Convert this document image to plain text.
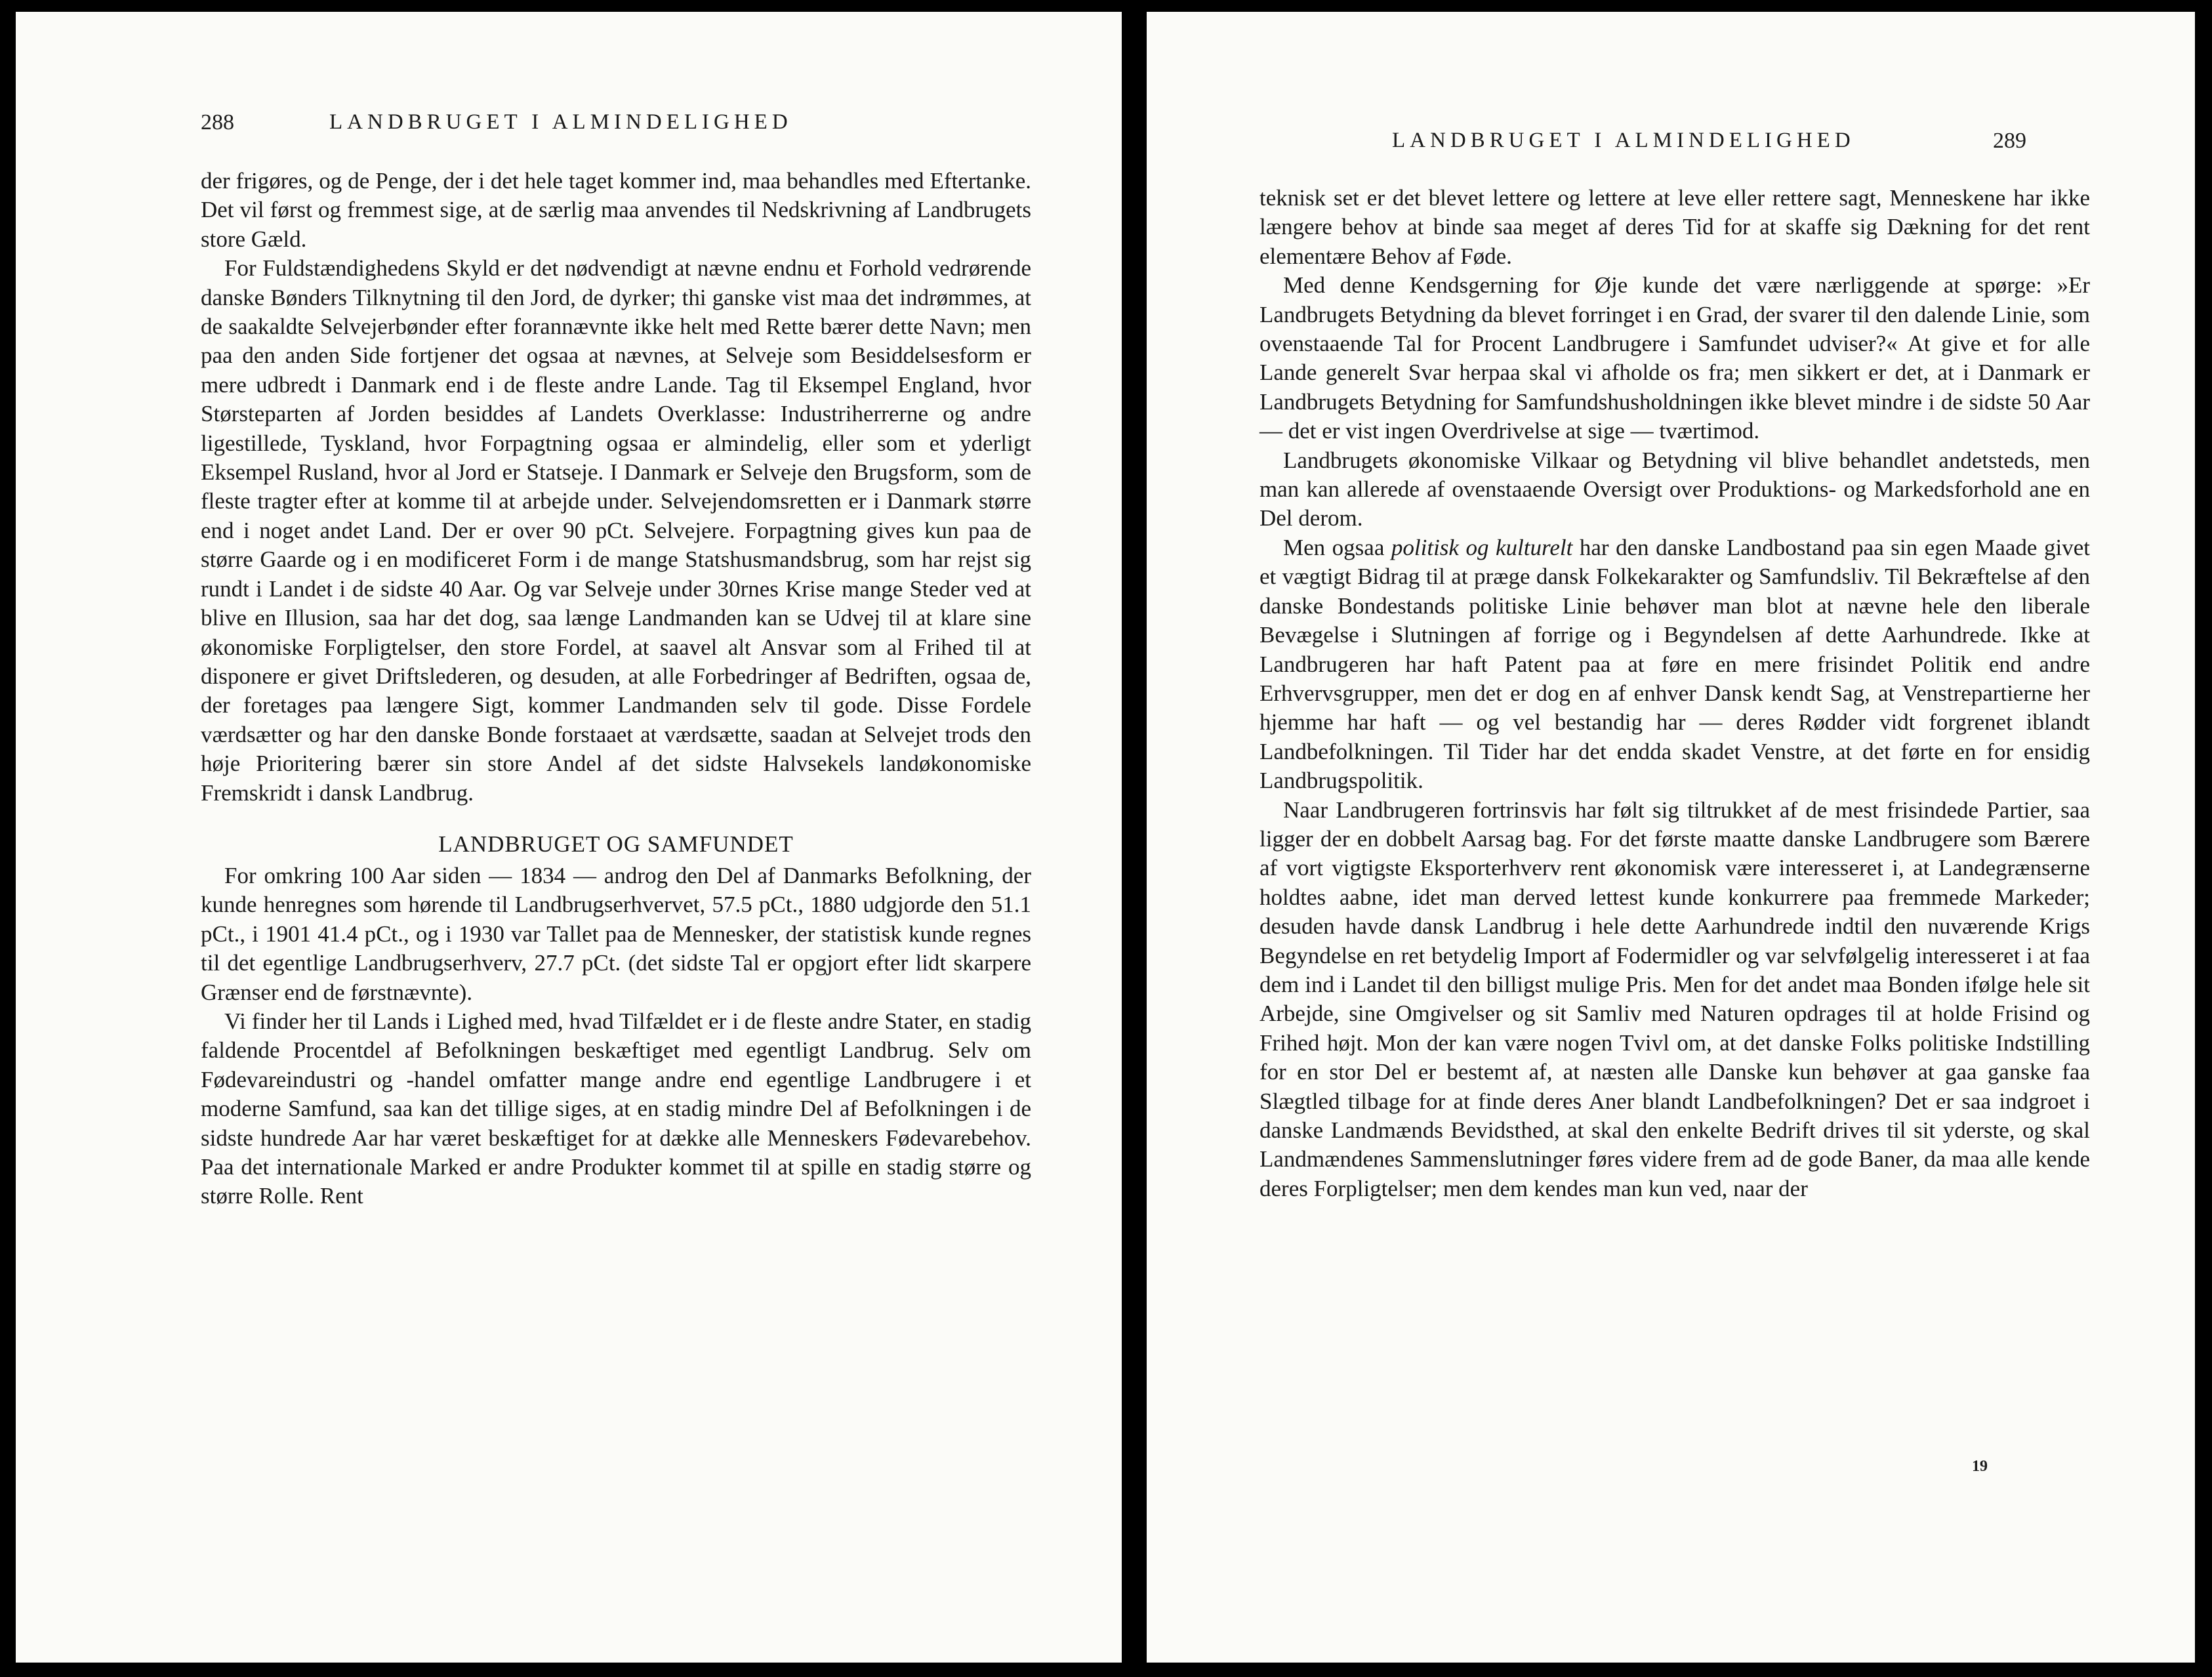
288	LANDBRUGET I ALMINDELIGHED

der frigøres, og de Penge, der i det hele taget kommer ind, maa behandles med Eftertanke. Det vil først og fremmest sige, at de særlig maa anvendes til Nedskrivning af Landbrugets store Gæld.

For Fuldstændighedens Skyld er det nødvendigt at nævne endnu et Forhold vedrørende danske Bønders Tilknytning til den Jord, de dyrker; thi ganske vist maa det indrømmes, at de saakaldte Selvejerbønder efter forannævnte ikke helt med Rette bærer dette Navn; men paa den anden Side fortjener det ogsaa at nævnes, at Selveje som Besiddelsesform er mere udbredt i Danmark end i de fleste andre Lande. Tag til Eksempel England, hvor Størsteparten af Jorden besiddes af Landets Overklasse: Industriherrerne og andre ligestillede, Tyskland, hvor Forpagtning ogsaa er almindelig, eller som et yderligt Eksempel Rusland, hvor al Jord er Statseje. I Danmark er Selveje den Brugsform, som de fleste tragter efter at komme til at arbejde under. Selvejendomsretten er i Danmark større end i noget andet Land. Der er over 90 pCt. Selvejere. Forpagtning gives kun paa de større Gaarde og i en modificeret Form i de mange Statshusmandsbrug, som har rejst sig rundt i Landet i de sidste 40 Aar. Og var Selveje under 30rnes Krise mange Steder ved at blive en Illusion, saa har det dog, saa længe Landmanden kan se Udvej til at klare sine økonomiske Forpligtelser, den store Fordel, at saavel alt Ansvar som al Frihed til at disponere er givet Driftslederen, og desuden, at alle Forbedringer af Bedriften, ogsaa de, der foretages paa længere Sigt, kommer Landmanden selv til gode. Disse Fordele værdsætter og har den danske Bonde forstaaet at værdsætte, saadan at Selvejet trods den høje Prioritering bærer sin store Andel af det sidste Halvsekels landøkonomiske Fremskridt i dansk Landbrug.

LANDBRUGET OG SAMFUNDET

For omkring 100 Aar siden — 1834 — androg den Del af Danmarks Befolkning, der kunde henregnes som hørende til Landbrugserhvervet, 57.5 pCt., 1880 udgjorde den 51.1 pCt., i 1901 41.4 pCt., og i 1930 var Tallet paa de Mennesker, der statistisk kunde regnes til det egentlige Landbrugserhverv, 27.7 pCt. (det sidste Tal er opgjort efter lidt skarpere Grænser end de førstnævnte).

Vi finder her til Lands i Lighed med, hvad Tilfældet er i de fleste andre Stater, en stadig faldende Procentdel af Befolkningen beskæftiget med egentligt Landbrug. Selv om Fødevareindustri og -handel omfatter mange andre end egentlige Landbrugere i et moderne Samfund, saa kan det tillige siges, at en stadig mindre Del af Befolkningen i de sidste hundrede Aar har været beskæftiget for at dække alle Menneskers Fødevarebehov. Paa det internationale Marked er andre Produkter kommet til at spille en stadig større og større Rolle. Rent

LANDBRUGET I ALMINDELIGHED	289

teknisk set er det blevet lettere og lettere at leve eller rettere sagt, Menneskene har ikke længere behov at binde saa meget af deres Tid for at skaffe sig Dækning for det rent elementære Behov af Føde.

Med denne Kendsgerning for Øje kunde det være nærliggende at spørge: »Er Landbrugets Betydning da blevet forringet i en Grad, der svarer til den dalende Linie, som ovenstaaende Tal for Procent Landbrugere i Samfundet udviser?« At give et for alle Lande generelt Svar herpaa skal vi afholde os fra; men sikkert er det, at i Danmark er Landbrugets Betydning for Samfundshusholdningen ikke blevet mindre i de sidste 50 Aar — det er vist ingen Overdrivelse at sige — tværtimod.

Landbrugets økonomiske Vilkaar og Betydning vil blive behandlet andetsteds, men man kan allerede af ovenstaaende Oversigt over Produktions- og Markedsforhold ane en Del derom.

Men ogsaa politisk og kulturelt har den danske Landbostand paa sin egen Maade givet et vægtigt Bidrag til at præge dansk Folkekarakter og Samfundsliv. Til Bekræftelse af den danske Bondestands politiske Linie behøver man blot at nævne hele den liberale Bevægelse i Slutningen af forrige og i Begyndelsen af dette Aarhundrede. Ikke at Landbrugeren har haft Patent paa at føre en mere frisindet Politik end andre Erhvervsgrupper, men det er dog en af enhver Dansk kendt Sag, at Venstrepartierne her hjemme har haft — og vel bestandig har — deres Rødder vidt forgrenet iblandt Landbefolkningen. Til Tider har det endda skadet Venstre, at det førte en for ensidig Landbrugspolitik.

Naar Landbrugeren fortrinsvis har følt sig tiltrukket af de mest frisindede Partier, saa ligger der en dobbelt Aarsag bag. For det første maatte danske Landbrugere som Bærere af vort vigtigste Eksporterhverv rent økonomisk være interesseret i, at Landegrænserne holdtes aabne, idet man derved lettest kunde konkurrere paa fremmede Markeder; desuden havde dansk Landbrug i hele dette Aarhundrede indtil den nuværende Krigs Begyndelse en ret betydelig Import af Fodermidler og var selvfølgelig interesseret i at faa dem ind i Landet til den billigst mulige Pris. Men for det andet maa Bonden ifølge hele sit Arbejde, sine Omgivelser og sit Samliv med Naturen opdrages til at holde Frisind og Frihed højt. Mon der kan være nogen Tvivl om, at det danske Folks politiske Indstilling for en stor Del er bestemt af, at næsten alle Danske kun behøver at gaa ganske faa Slægtled tilbage for at finde deres Aner blandt Landbefolkningen? Det er saa indgroet i danske Landmænds Bevidsthed, at skal den enkelte Bedrift drives til sit yderste, og skal Landmændenes Sammenslutninger føres videre frem ad de gode Baner, da maa alle kende deres Forpligtelser; men dem kendes man kun ved, naar der

19
